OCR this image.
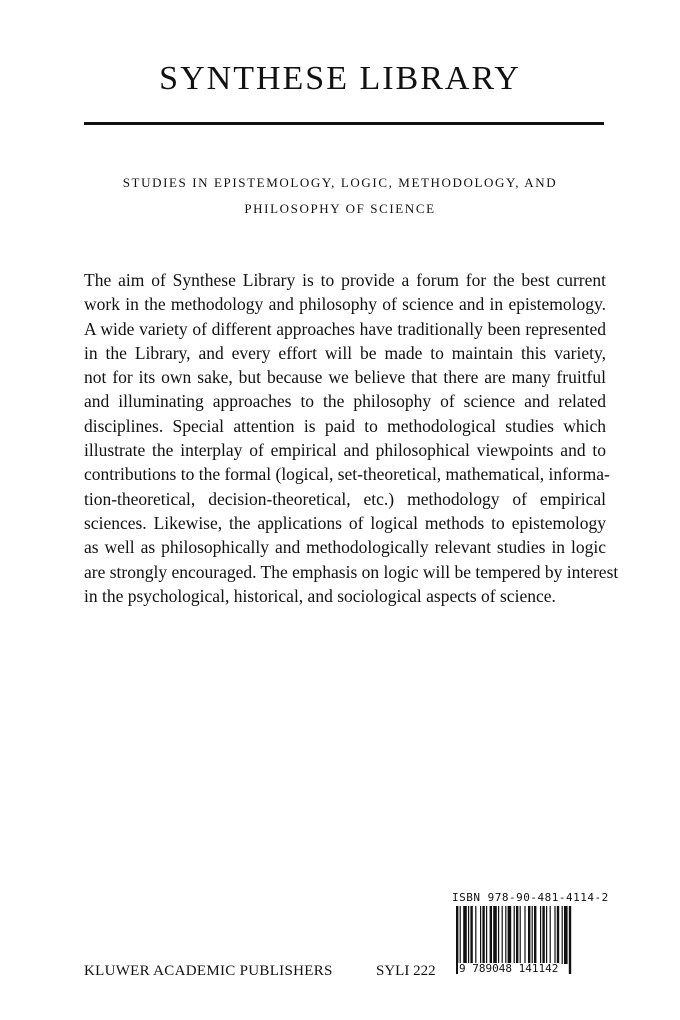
SYNTHESE LIBRARY
STUDIES IN EPISTEMOLOGY, LOGIC, METHODOLOGY, AND
PHILOSOPHY OF SCIENCE
The aim of Synthese Library is to provide a forum for the best current
work in the methodology and philosophy of science and in epistemology.
A wide variety of different approaches have traditionally been represented
in the Library, and every effort will be made to maintain this variety,
not for its own sake, but because we believe that there are many fruitful
and illuminating approaches to the philosophy of science and related
disciplines. Special attention is paid to methodological studies which
illustrate the interplay of empirical and philosophical viewpoints and to
contributions to the formal (logical, set-theoretical, mathematical, informa-
tion-theoretical, decision-theoretical, etc.) methodology of empirical
sciences. Likewise, the applications of logical methods to epistemology
as well as philosophically and methodologically relevant studies in logic
are strongly encouraged. The emphasis on logic will be tempered by interest
in the psychological, historical, and sociological aspects of science.
ISBN 978-90-481-4114-2
9 789048 141142
KLUWER ACADEMIC PUBLISHERS	SYLI 222
